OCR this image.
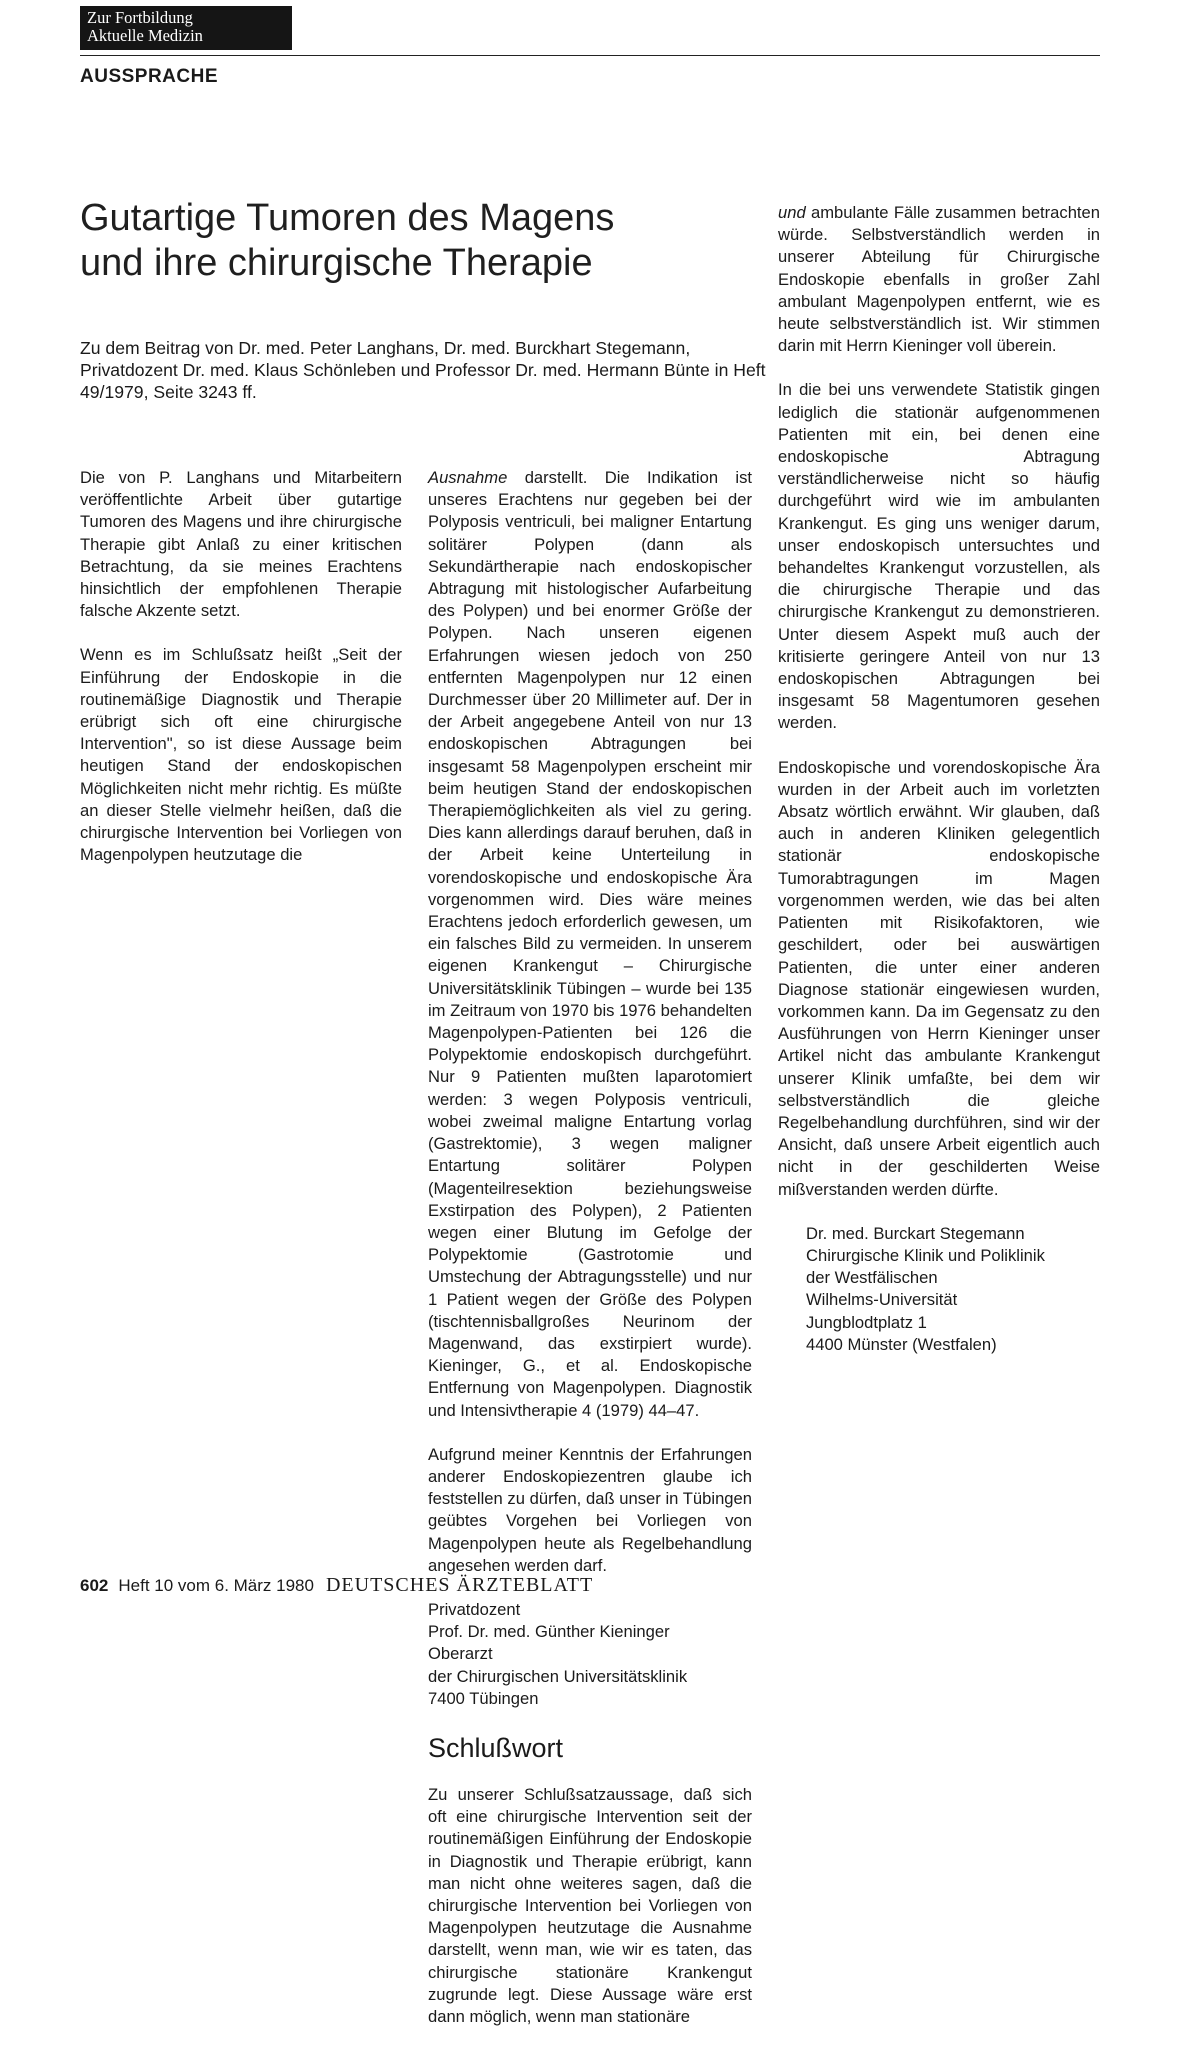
Zur Fortbildung
Aktuelle Medizin
AUSSPRACHE
Gutartige Tumoren des Magens
und ihre chirurgische Therapie

Zu dem Beitrag von Dr. med. Peter Langhans, Dr. med. Burckhart Stegemann, Privatdozent Dr. med. Klaus Schönleben und Professor Dr. med. Hermann Bünte in Heft 49/1979, Seite 3243 ff.

Die von P. Langhans und Mitarbeitern veröffentlichte Arbeit über gutartige Tumoren des Magens und ihre chirurgische Therapie gibt Anlaß zu einer kritischen Betrachtung, da sie meines Erachtens hinsichtlich der empfohlenen Therapie falsche Akzente setzt.

Wenn es im Schlußsatz heißt „Seit der Einführung der Endoskopie in die routinemäßige Diagnostik und Therapie erübrigt sich oft eine chirurgische Intervention", so ist diese Aussage beim heutigen Stand der endoskopischen Möglichkeiten nicht mehr richtig. Es müßte an dieser Stelle vielmehr heißen, daß die chirurgische Intervention bei Vorliegen von Magenpolypen heutzutage die

Ausnahme darstellt. Die Indikation ist unseres Erachtens nur gegeben bei der Polyposis ventriculi, bei maligner Entartung solitärer Polypen (dann als Sekundärtherapie nach endoskopischer Abtragung mit histologischer Aufarbeitung des Polypen) und bei enormer Größe der Polypen. Nach unseren eigenen Erfahrungen wiesen jedoch von 250 entfernten Magenpolypen nur 12 einen Durchmesser über 20 Millimeter auf. Der in der Arbeit angegebene Anteil von nur 13 endoskopischen Abtragungen bei insgesamt 58 Magenpolypen erscheint mir beim heutigen Stand der endoskopischen Therapiemöglichkeiten als viel zu gering. Dies kann allerdings darauf beruhen, daß in der Arbeit keine Unterteilung in vorendoskopische und endoskopische Ära vorgenommen wird. Dies wäre meines Erachtens jedoch erforderlich gewesen, um ein falsches Bild zu vermeiden. In unserem eigenen Krankengut – Chirurgische Universitätsklinik Tübingen – wurde bei 135 im Zeitraum von 1970 bis 1976 behandelten Magenpolypen-Patienten bei 126 die Polypektomie endoskopisch durchgeführt. Nur 9 Patienten mußten laparotomiert werden: 3 wegen Polyposis ventriculi, wobei zweimal maligne Entartung vorlag (Gastrektomie), 3 wegen maligner Entartung solitärer Polypen (Magenteilresektion beziehungsweise Exstirpation des Polypen), 2 Patienten wegen einer Blutung im Gefolge der Polypektomie (Gastrotomie und Umstechung der Abtragungsstelle) und nur 1 Patient wegen der Größe des Polypen (tischtennisballgroßes Neurinom der Magenwand, das exstirpiert wurde). Kieninger, G., et al. Endoskopische Entfernung von Magenpolypen. Diagnostik und Intensivtherapie 4 (1979) 44–47.

Aufgrund meiner Kenntnis der Erfahrungen anderer Endoskopiezentren glaube ich feststellen zu dürfen, daß unser in Tübingen geübtes Vorgehen bei Vorliegen von Magenpolypen heute als Regelbehandlung angesehen werden darf.

Privatdozent
Prof. Dr. med. Günther Kieninger
Oberarzt
der Chirurgischen Universitätsklinik
7400 Tübingen
Schlußwort

Zu unserer Schlußsatzaussage, daß sich oft eine chirurgische Intervention seit der routinemäßigen Einführung der Endoskopie in Diagnostik und Therapie erübrigt, kann man nicht ohne weiteres sagen, daß die chirurgische Intervention bei Vorliegen von Magenpolypen heutzutage die Ausnahme darstellt, wenn man, wie wir es taten, das chirurgische stationäre Krankengut zugrunde legt. Diese Aussage wäre erst dann möglich, wenn man stationäre

und ambulante Fälle zusammen betrachten würde. Selbstverständlich werden in unserer Abteilung für Chirurgische Endoskopie ebenfalls in großer Zahl ambulant Magenpolypen entfernt, wie es heute selbstverständlich ist. Wir stimmen darin mit Herrn Kieninger voll überein.

In die bei uns verwendete Statistik gingen lediglich die stationär aufgenommenen Patienten mit ein, bei denen eine endoskopische Abtragung verständlicherweise nicht so häufig durchgeführt wird wie im ambulanten Krankengut. Es ging uns weniger darum, unser endoskopisch untersuchtes und behandeltes Krankengut vorzustellen, als die chirurgische Therapie und das chirurgische Krankengut zu demonstrieren. Unter diesem Aspekt muß auch der kritisierte geringere Anteil von nur 13 endoskopischen Abtragungen bei insgesamt 58 Magentumoren gesehen werden.

Endoskopische und vorendoskopische Ära wurden in der Arbeit auch im vorletzten Absatz wörtlich erwähnt. Wir glauben, daß auch in anderen Kliniken gelegentlich stationär endoskopische Tumorabtragungen im Magen vorgenommen werden, wie das bei alten Patienten mit Risikofaktoren, wie geschildert, oder bei auswärtigen Patienten, die unter einer anderen Diagnose stationär eingewiesen wurden, vorkommen kann. Da im Gegensatz zu den Ausführungen von Herrn Kieninger unser Artikel nicht das ambulante Krankengut unserer Klinik umfaßte, bei dem wir selbstverständlich die gleiche Regelbehandlung durchführen, sind wir der Ansicht, daß unsere Arbeit eigentlich auch nicht in der geschilderten Weise mißverstanden werden dürfte.

Dr. med. Burckart Stegemann
Chirurgische Klinik und Poliklinik
der Westfälischen
Wilhelms-Universität
Jungblodtplatz 1
4400 Münster (Westfalen)
602 Heft 10 vom 6. März 1980 DEUTSCHES ÄRZTEBLATT
